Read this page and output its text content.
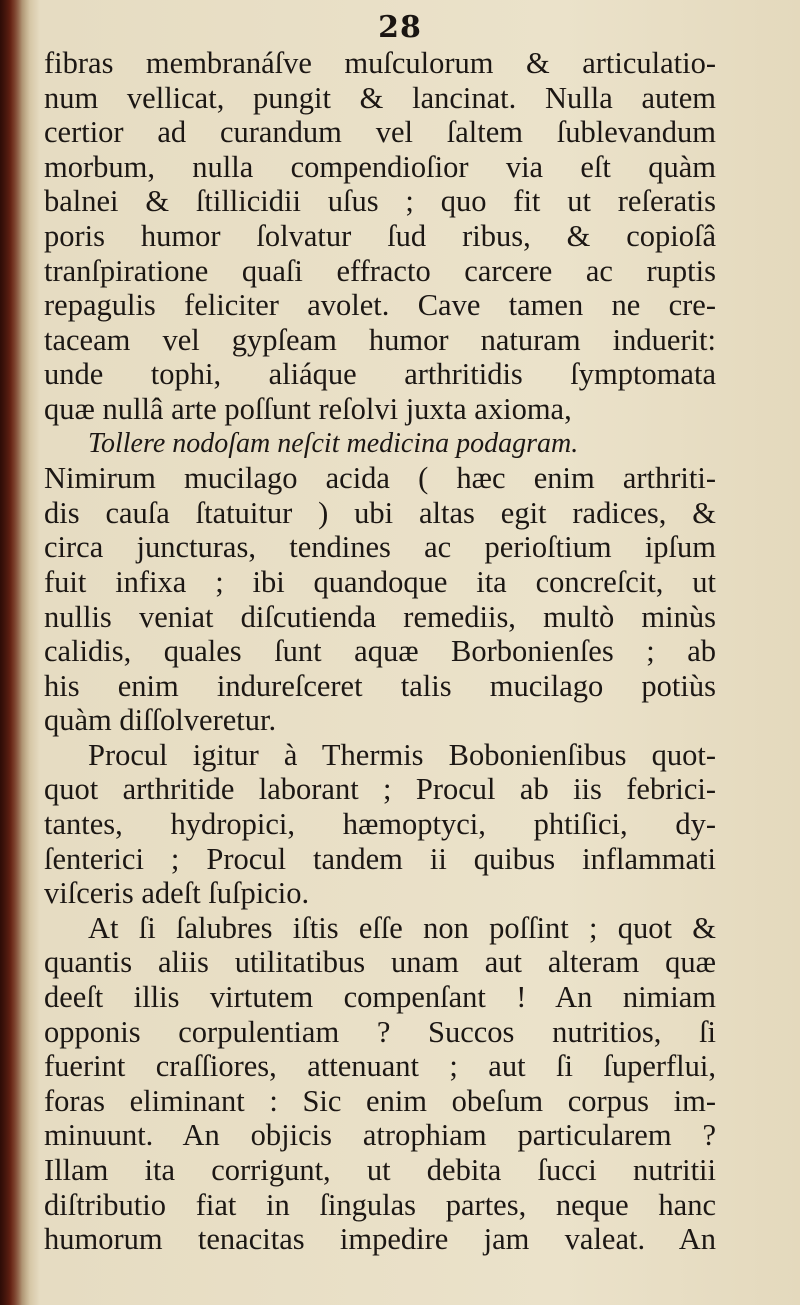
28
fibras membranáſve muſculorum & articulatio-
num vellicat, pungit & lancinat. Nulla autem
certior ad curandum vel ſaltem ſublevandum
morbum, nulla compendioſior via eſt quàm
balnei & ſtillicidii uſus ; quo fit ut reſeratis
poris humor ſolvatur ſud ribus, & copioſâ
tranſpiratione quaſi effracto carcere ac ruptis
repagulis feliciter avolet. Cave tamen ne cre-
taceam vel gypſeam humor naturam induerit:
unde tophi, aliáque arthritidis ſymptomata
quæ nullâ arte poſſunt reſolvi juxta axioma,
Tollere nodoſam neſcit medicina podagram.
Nimirum mucilago acida ( hæc enim arthriti-
dis cauſa ſtatuitur ) ubi altas egit radices, &
circa juncturas, tendines ac perioſtium ipſum
fuit infixa ; ibi quandoque ita concreſcit, ut
nullis veniat diſcutienda remediis, multò minùs
calidis, quales ſunt aquæ Borbonienſes ; ab
his enim indureſceret talis mucilago potiùs
quàm diſſolveretur.
Procul igitur à Thermis Bobonienſibus quot-
quot arthritide laborant ; Procul ab iis febrici-
tantes, hydropici, hæmoptyci, phtiſici, dy-
ſenterici ; Procul tandem ii quibus inflammati
viſceris adeſt ſuſpicio.
At ſi ſalubres iſtis eſſe non poſſint ; quot &
quantis aliis utilitatibus unam aut alteram quæ
deeſt illis virtutem compenſant ! An nimiam
opponis corpulentiam ? Succos nutritios, ſi
fuerint craſſiores, attenuant ; aut ſi ſuperflui,
foras eliminant : Sic enim obeſum corpus im-
minuunt. An objicis atrophiam particularem ?
Illam ita corrigunt, ut debita ſucci nutritii
diſtributio fiat in ſingulas partes, neque hanc
humorum tenacitas impedire jam valeat. An
